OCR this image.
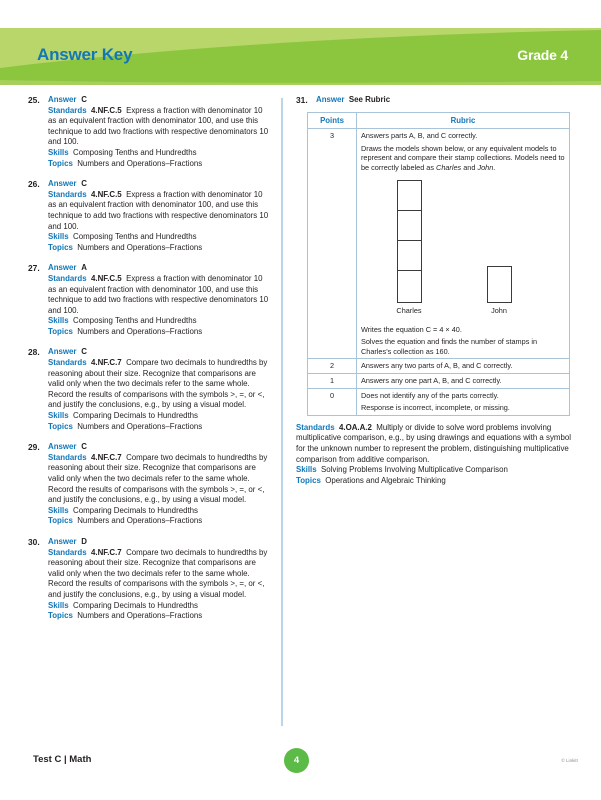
Answer Key	Grade 4
25. Answer C
Standards 4.NF.C.5 Express a fraction with denominator 10 as an equivalent fraction with denominator 100, and use this technique to add two fractions with respective denominators 10 and 100.
Skills Composing Tenths and Hundredths
Topics Numbers and Operations–Fractions
26. Answer C
Standards 4.NF.C.5 Express a fraction with denominator 10 as an equivalent fraction with denominator 100, and use this technique to add two fractions with respective denominators 10 and 100.
Skills Composing Tenths and Hundredths
Topics Numbers and Operations–Fractions
27. Answer A
Standards 4.NF.C.5 Express a fraction with denominator 10 as an equivalent fraction with denominator 100, and use this technique to add two fractions with respective denominators 10 and 100.
Skills Composing Tenths and Hundredths
Topics Numbers and Operations–Fractions
28. Answer C
Standards 4.NF.C.7 Compare two decimals to hundredths by reasoning about their size. Recognize that comparisons are valid only when the two decimals refer to the same whole. Record the results of comparisons with the symbols >, =, or <, and justify the conclusions, e.g., by using a visual model.
Skills Comparing Decimals to Hundredths
Topics Numbers and Operations–Fractions
29. Answer C
Standards 4.NF.C.7 Compare two decimals to hundredths by reasoning about their size. Recognize that comparisons are valid only when the two decimals refer to the same whole. Record the results of comparisons with the symbols >, =, or <, and justify the conclusions, e.g., by using a visual model.
Skills Comparing Decimals to Hundredths
Topics Numbers and Operations–Fractions
30. Answer D
Standards 4.NF.C.7 Compare two decimals to hundredths by reasoning about their size. Recognize that comparisons are valid only when the two decimals refer to the same whole. Record the results of comparisons with the symbols >, =, or <, and justify the conclusions, e.g., by using a visual model.
Skills Comparing Decimals to Hundredths
Topics Numbers and Operations–Fractions
31. Answer See Rubric
Points	Rubric
3	Answers parts A, B, and C correctly.

Draws the models shown below, or any equivalent models to represent and compare their stamp collections. Models need to be correctly labeled as Charles and John.

Charles	John

Writes the equation C = 4 × 40.

Solves the equation and finds the number of stamps in Charles’s collection as 160.

2	Answers any two parts of A, B, and C correctly.

1	Answers any one part A, B, and C correctly.

0	Does not identify any of the parts correctly.

Response is incorrect, incomplete, or missing.

Standards 4.OA.A.2 Multiply or divide to solve word problems involving multiplicative comparison, e.g., by using drawings and equations with a symbol for the unknown number to represent the problem, distinguishing multiplicative comparison from additive comparison.
Skills Solving Problems Involving Multiplicative Comparison
Topics Operations and Algebraic Thinking
Test C | Math	4	© Linkit!
